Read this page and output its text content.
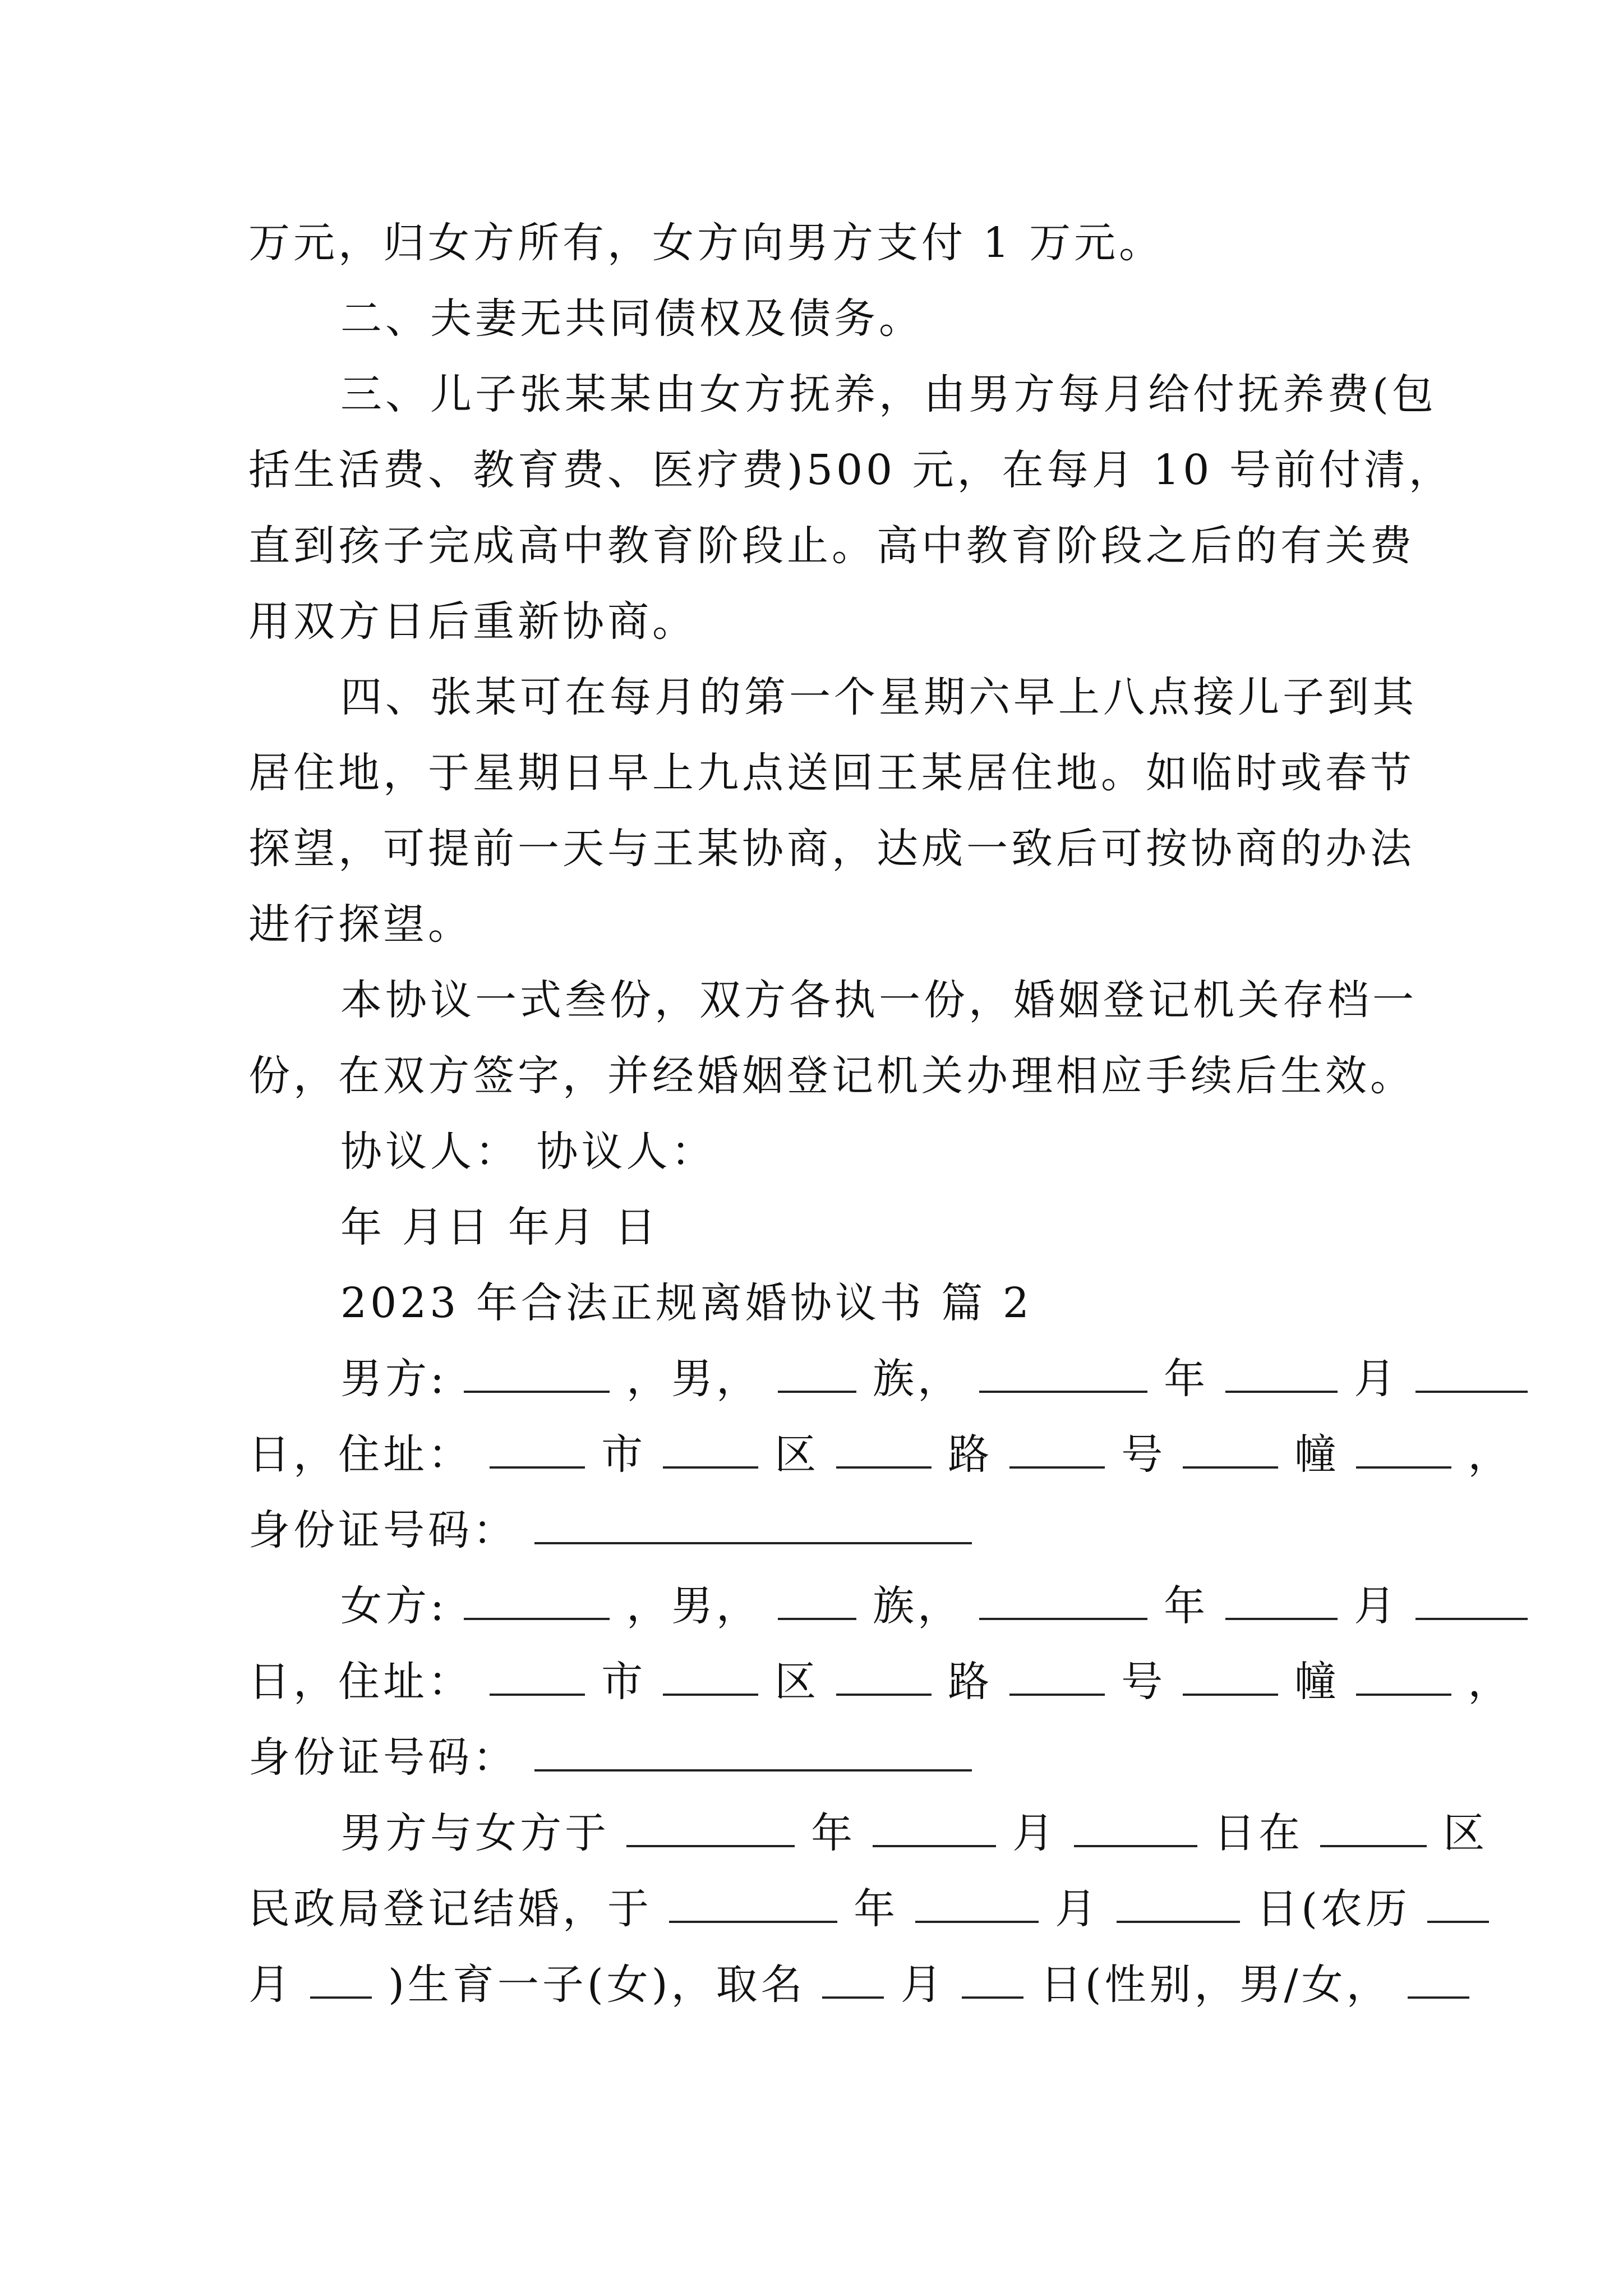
万元，归女方所有，女方向男方支付 1 万元。
二、夫妻无共同债权及债务。
三、儿子张某某由女方抚养，由男方每月给付抚养费(包
括生活费、教育费、医疗费)500 元，在每月 10 号前付清，
直到孩子完成高中教育阶段止。高中教育阶段之后的有关费
用双方日后重新协商。
四、张某可在每月的第一个星期六早上八点接儿子到其
居住地，于星期日早上九点送回王某居住地。如临时或春节
探望，可提前一天与王某协商，达成一致后可按协商的办法
进行探望。
本协议一式叁份，双方各执一份，婚姻登记机关存档一
份，在双方签字，并经婚姻登记机关办理相应手续后生效。
协议人： 协议人：
年 月日 年月 日
2023 年合法正规离婚协议书 篇 2
男方:	，男，	族，	年	月
日，住址：	市	区	路	号	幢	，
身份证号码：
女方:	，男，	族，	年	月
日，住址：	市	区	路	号	幢	，
身份证号码：
男方与女方于	年	月	日在	区
民政局登记结婚，于	年	月	日(农历
月 )生育一子(女)，取名 月 日(性别，男/女，
